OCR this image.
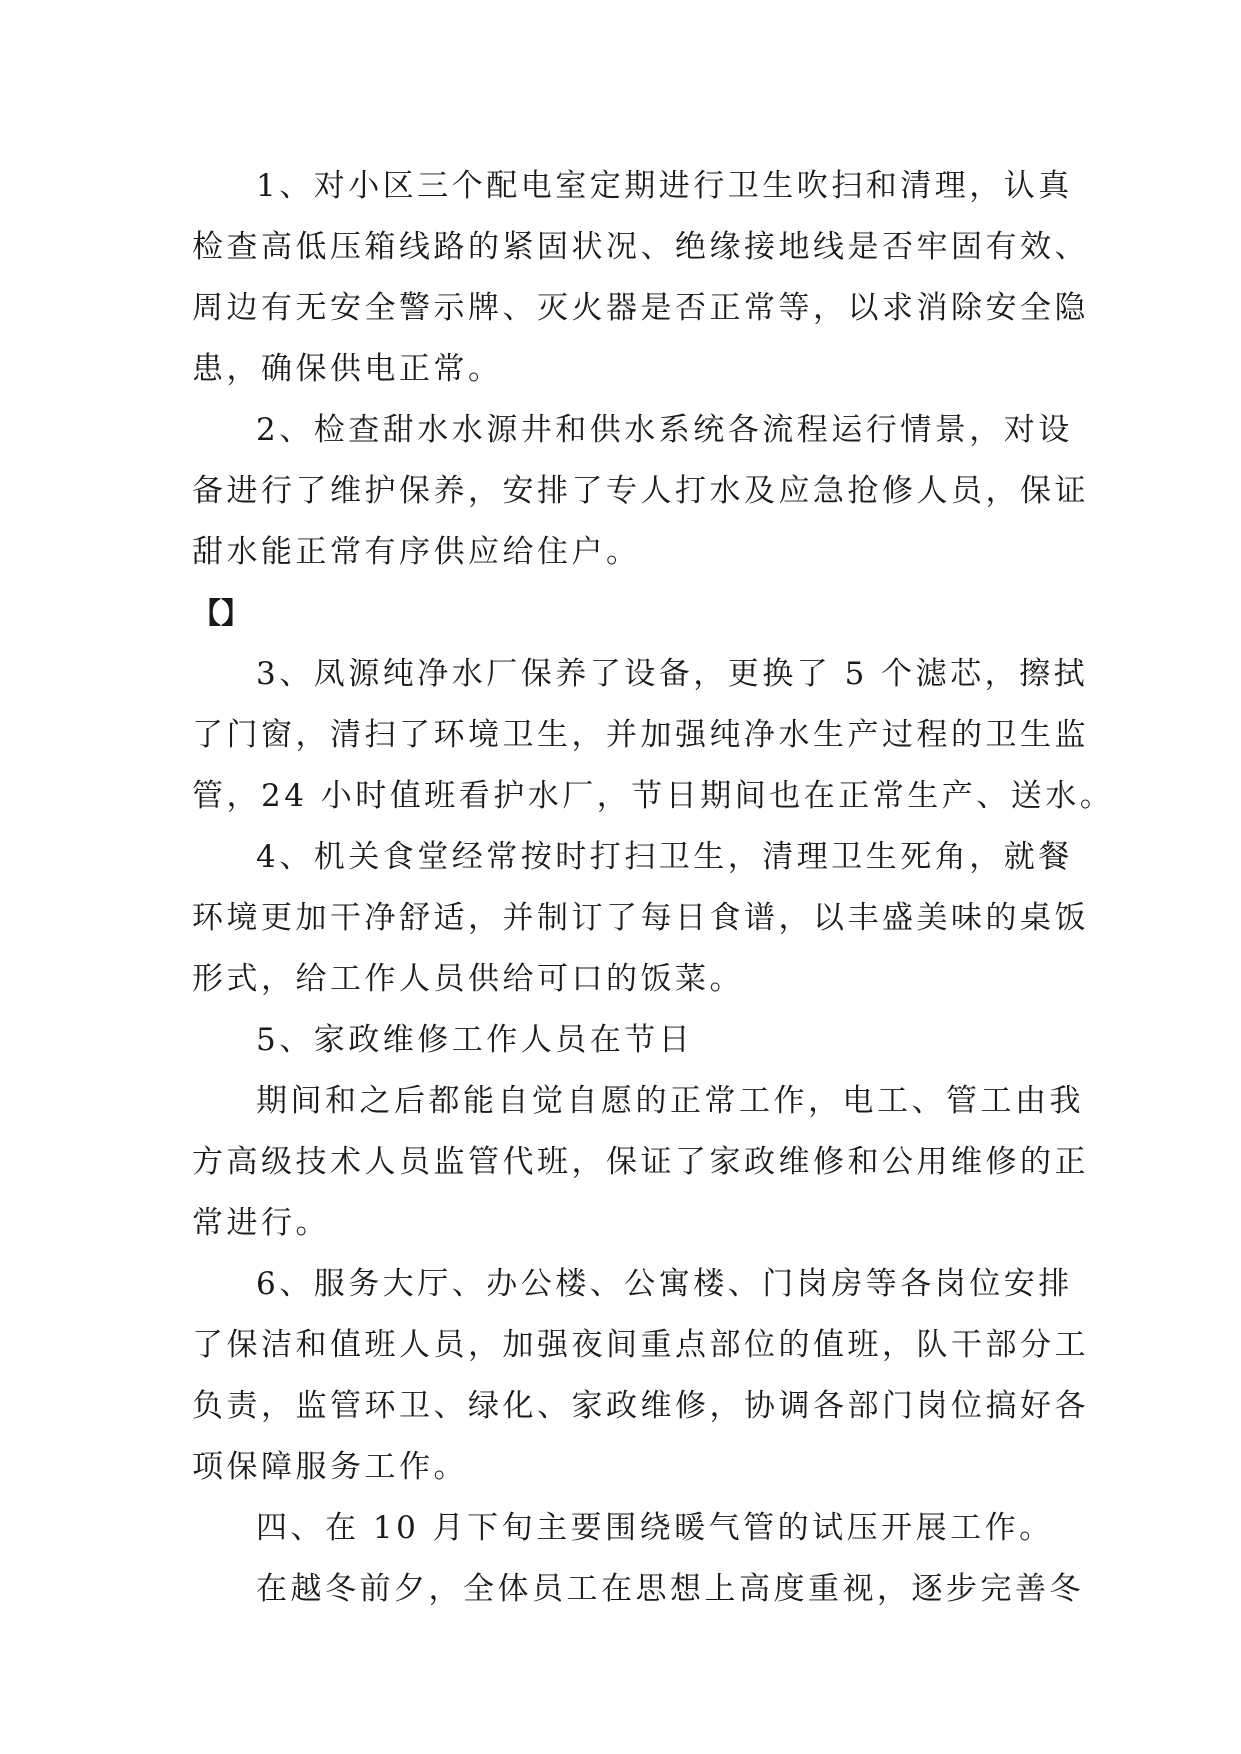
1、对小区三个配电室定期进行卫生吹扫和清理，认真
检查高低压箱线路的紧固状况、绝缘接地线是否牢固有效、
周边有无安全警示牌、灭火器是否正常等，以求消除安全隐
患，确保供电正常。
2、检查甜水水源井和供水系统各流程运行情景，对设
备进行了维护保养，安排了专人打水及应急抢修人员，保证
甜水能正常有序供应给住户。
【】
3、凤源纯净水厂保养了设备，更换了 5 个滤芯，擦拭
了门窗，清扫了环境卫生，并加强纯净水生产过程的卫生监
管，24 小时值班看护水厂，节日期间也在正常生产、送水。
4、机关食堂经常按时打扫卫生，清理卫生死角，就餐
环境更加干净舒适，并制订了每日食谱，以丰盛美味的桌饭
形式，给工作人员供给可口的饭菜。
5、家政维修工作人员在节日
期间和之后都能自觉自愿的正常工作，电工、管工由我
方高级技术人员监管代班，保证了家政维修和公用维修的正
常进行。
6、服务大厅、办公楼、公寓楼、门岗房等各岗位安排
了保洁和值班人员，加强夜间重点部位的值班，队干部分工
负责，监管环卫、绿化、家政维修，协调各部门岗位搞好各
项保障服务工作。
四、在 10 月下旬主要围绕暖气管的试压开展工作。
在越冬前夕，全体员工在思想上高度重视，逐步完善冬
